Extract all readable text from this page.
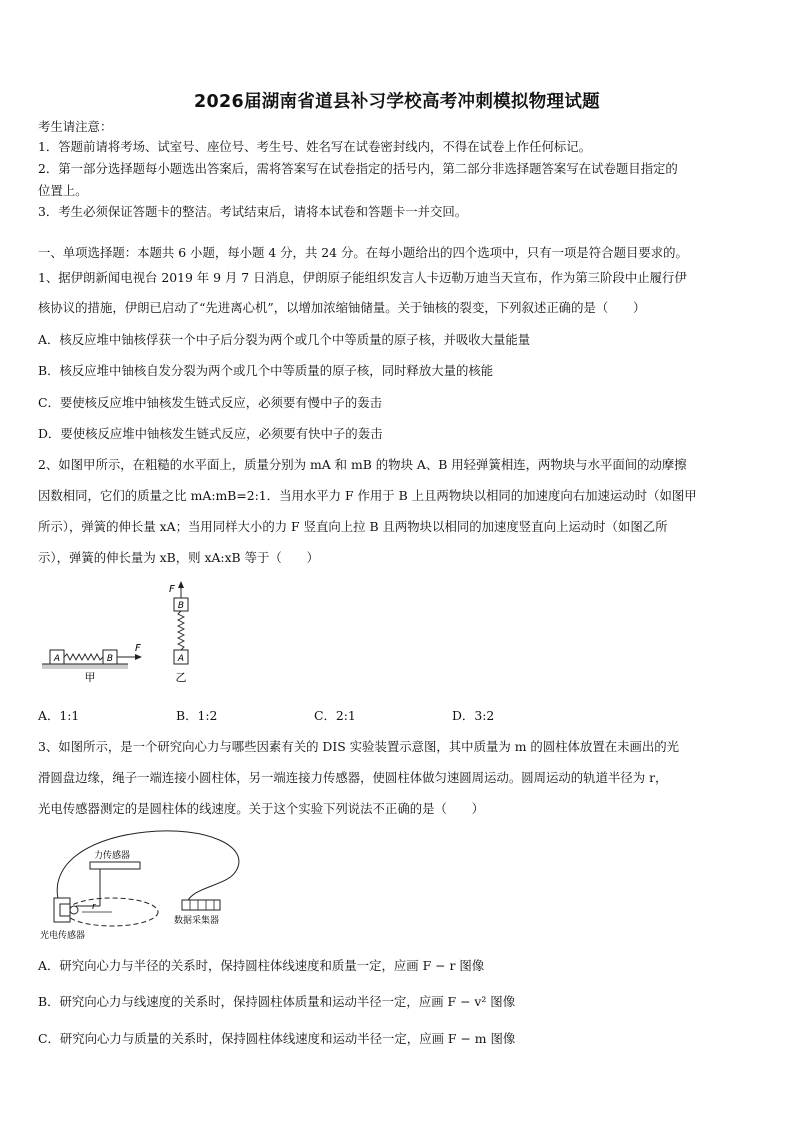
2026届湖南省道县补习学校高考冲刺模拟物理试题
考生请注意：
1．答题前请将考场、试室号、座位号、考生号、姓名写在试卷密封线内，不得在试卷上作任何标记。
2．第一部分选择题每小题选出答案后，需将答案写在试卷指定的括号内，第二部分非选择题答案写在试卷题目指定的
位置上。
3．考生必须保证答题卡的整洁。考试结束后，请将本试卷和答题卡一并交回。
一、单项选择题：本题共 6 小题，每小题 4 分，共 24 分。在每小题给出的四个选项中，只有一项是符合题目要求的。
1、据伊朗新闻电视台 2019 年 9 月 7 日消息，伊朗原子能组织发言人卡迈勒万迪当天宣布，作为第三阶段中止履行伊
核协议的措施，伊朗已启动了“先进离心机”，以增加浓缩铀储量。关于铀核的裂变，下列叙述正确的是（　　）
A．核反应堆中铀核俘获一个中子后分裂为两个或几个中等质量的原子核，并吸收大量能量
B．核反应堆中铀核自发分裂为两个或几个中等质量的原子核，同时释放大量的核能
C．要使核反应堆中铀核发生链式反应，必须要有慢中子的轰击
D．要使核反应堆中铀核发生链式反应，必须要有快中子的轰击
2、如图甲所示，在粗糙的水平面上，质量分别为 mA 和 mB 的物块 A、B 用轻弹簧相连，两物块与水平面间的动摩擦
因数相同，它们的质量之比 mA:mB=2:1．当用水平力 F 作用于 B 上且两物块以相同的加速度向右加速运动时（如图甲
所示），弹簧的伸长量 xA；当用同样大小的力 F 竖直向上拉 B 且两物块以相同的加速度竖直向上运动时（如图乙所
示），弹簧的伸长量为 xB，则 xA:xB 等于（　　）
A	B
F
甲
F
B
A
乙
A．1:1	B．1:2	C．2:1	D．3:2
3、如图所示，是一个研究向心力与哪些因素有关的 DIS 实验装置示意图，其中质量为 m 的圆柱体放置在未画出的光
滑圆盘边缘，绳子一端连接小圆柱体，另一端连接力传感器，使圆柱体做匀速圆周运动。圆周运动的轨道半径为 r，
光电传感器测定的是圆柱体的线速度。关于这个实验下列说法不正确的是（　　）
力传感器
r
光电传感器
数据采集器
A．研究向心力与半径的关系时，保持圆柱体线速度和质量一定，应画 F − r 图像
B．研究向心力与线速度的关系时，保持圆柱体质量和运动半径一定，应画 F − v² 图像
C．研究向心力与质量的关系时，保持圆柱体线速度和运动半径一定，应画 F − m 图像
